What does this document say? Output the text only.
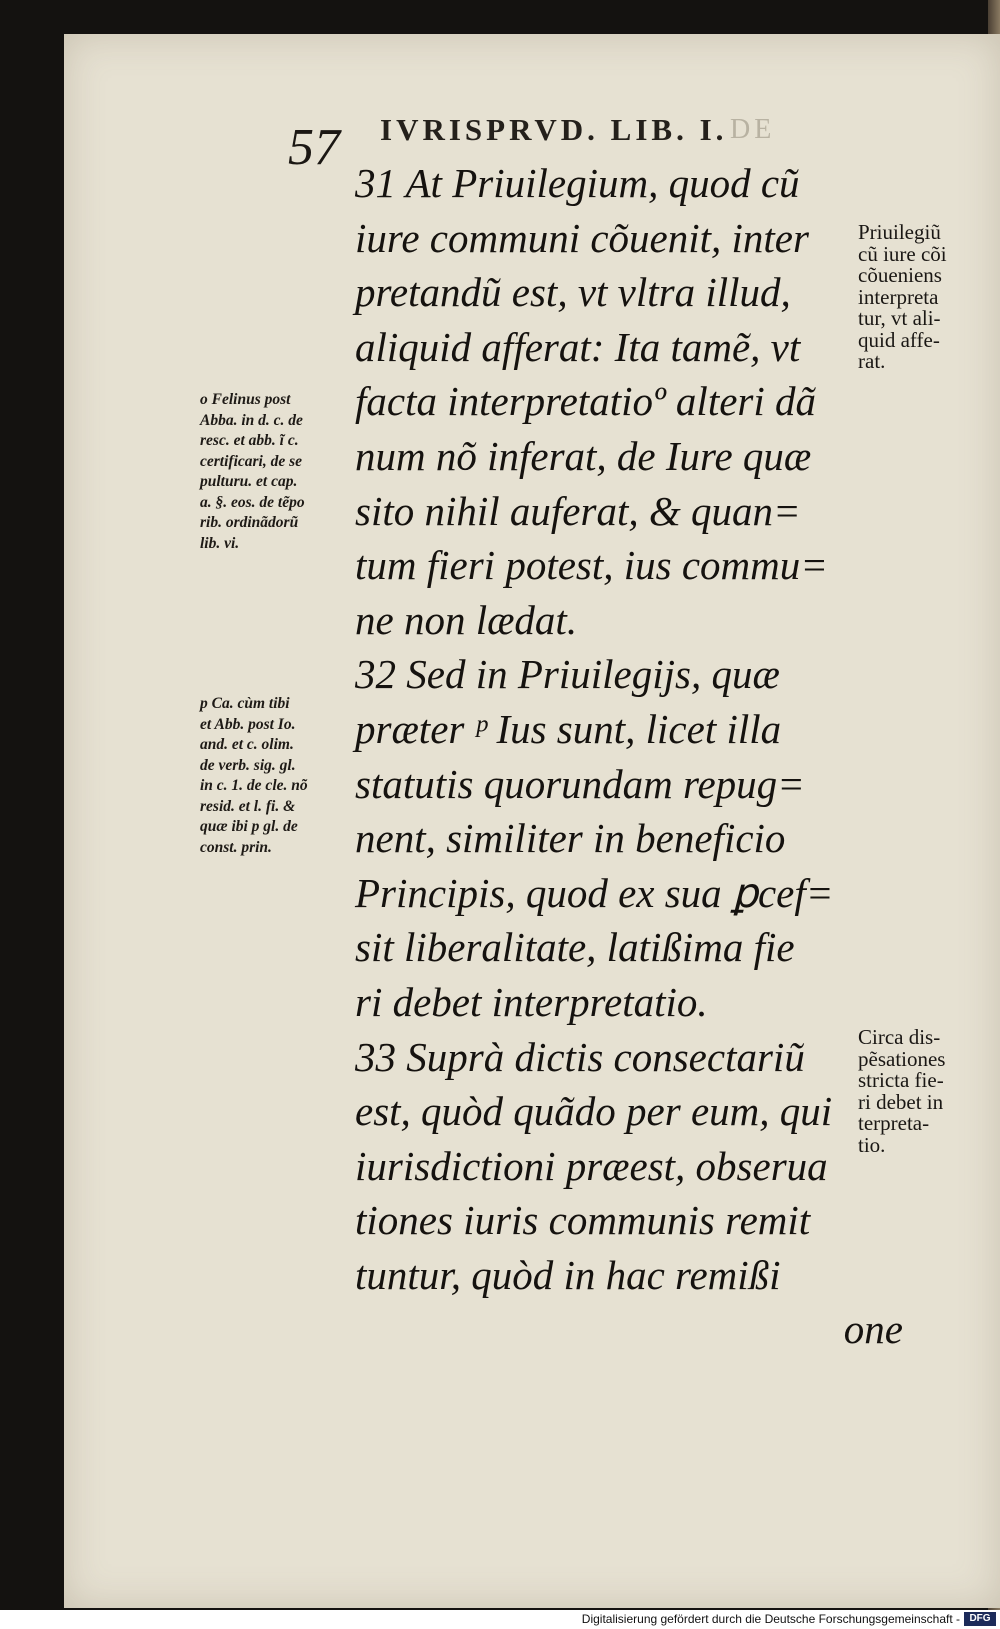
57 IVRISPRVD. LIB. I. DE
31 At Priuilegium, quod cũ
iure communi cõuenit, inter
pretandũ est, vt vltra illud,
aliquid afferat: Ita tamẽ, vt
facta interpretatioº alteri dã
num nõ inferat, de Iure quæ
sito nihil auferat, & quan=
tum fieri potest, ius commu=
ne non lædat.
32 Sed in Priuilegijs, quæ
præter ᵖ Ius sunt, licet illa
statutis quorundam repug=
nent, similiter in beneficio
Principis, quod ex sua ꝑcef=
sit liberalitate, latißima fie
ri debet interpretatio.
33 Suprà dictis consectariũ
est, quòd quãdo per eum, qui
iurisdictioni præest, obserua
tiones iuris communis remit
tuntur, quòd in hac remißi
one
o Felinus post
Abba. in d. c. de
resc. et abb. ĩ c.
certificari, de se
pulturu. et cap.
a. §. eos. de tẽpo
rib. ordinãdorũ
lib. vi.
p Ca. cùm tibi
et Abb. post Io.
and. et c. olim.
de verb. sig. gl.
in c. 1. de cle. nõ
resid. et l. fi. &
quæ ibi p gl. de
const. prin.
Priuilegiũ
cũ iure cõi
cõueniens
interpreta
tur, vt ali-
quid affe-
rat.
Circa dis-
pẽsationes
stricta fie-
ri debet in
terpreta-
tio.
Digitalisierung gefördert durch die Deutsche Forschungsgemeinschaft - DFG
